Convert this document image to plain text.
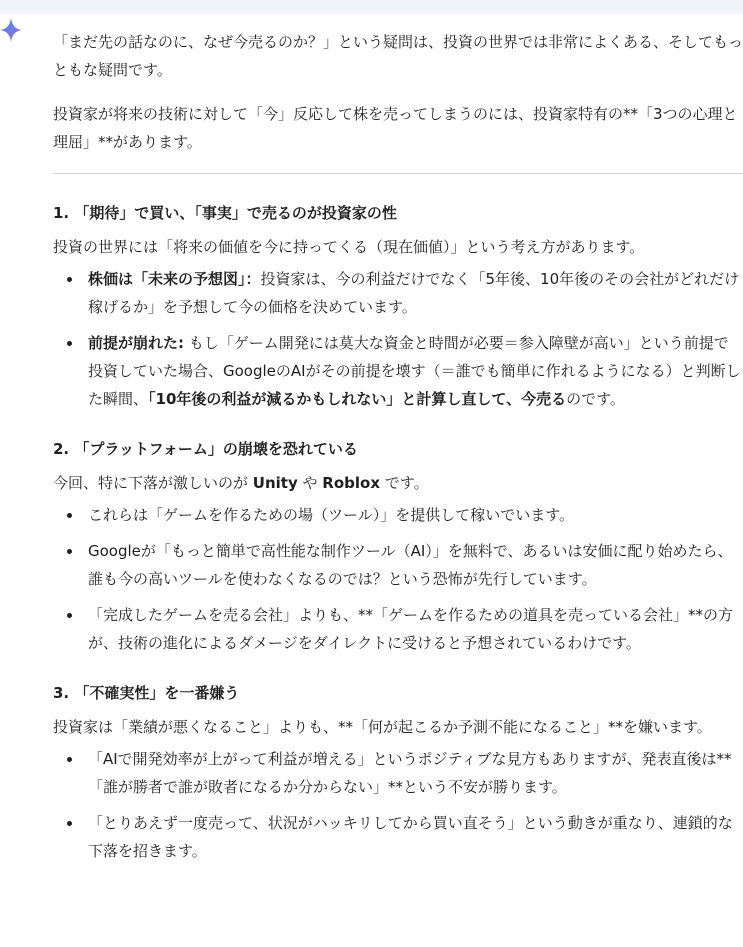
「まだ先の話なのに、なぜ今売るのか？」という疑問は、投資の世界では非常によくある、そしてもっともな疑問です。

投資家が将来の技術に対して「今」反応して株を売ってしまうのには、投資家特有の**「3つの心理と理屈」**があります。

1. 「期待」で買い、「事実」で売るのが投資家の性

投資の世界には「将来の価値を今に持ってくる（現在価値）」という考え方があります。

株価は「未来の予想図」：投資家は、今の利益だけでなく「5年後、10年後のその会社がどれだけ稼げるか」を予想して今の価格を決めています。
前提が崩れた: もし「ゲーム開発には莫大な資金と時間が必要＝参入障壁が高い」という前提で投資していた場合、GoogleのAIがその前提を壊す（＝誰でも簡単に作れるようになる）と判断した瞬間、「10年後の利益が減るかもしれない」と計算し直して、今売るのです。
2. 「プラットフォーム」の崩壊を恐れている

今回、特に下落が激しいのが Unity や Roblox です。

これらは「ゲームを作るための場（ツール）」を提供して稼いでいます。
Googleが「もっと簡単で高性能な制作ツール（AI）」を無料で、あるいは安価に配り始めたら、誰も今の高いツールを使わなくなるのでは？という恐怖が先行しています。
「完成したゲームを売る会社」よりも、**「ゲームを作るための道具を売っている会社」**の方が、技術の進化によるダメージをダイレクトに受けると予想されているわけです。
3. 「不確実性」を一番嫌う

投資家は「業績が悪くなること」よりも、**「何が起こるか予測不能になること」**を嫌います。

「AIで開発効率が上がって利益が増える」というポジティブな見方もありますが、発表直後は**「誰が勝者で誰が敗者になるか分からない」**という不安が勝ります。
「とりあえず一度売って、状況がハッキリしてから買い直そう」という動きが重なり、連鎖的な下落を招きます。
